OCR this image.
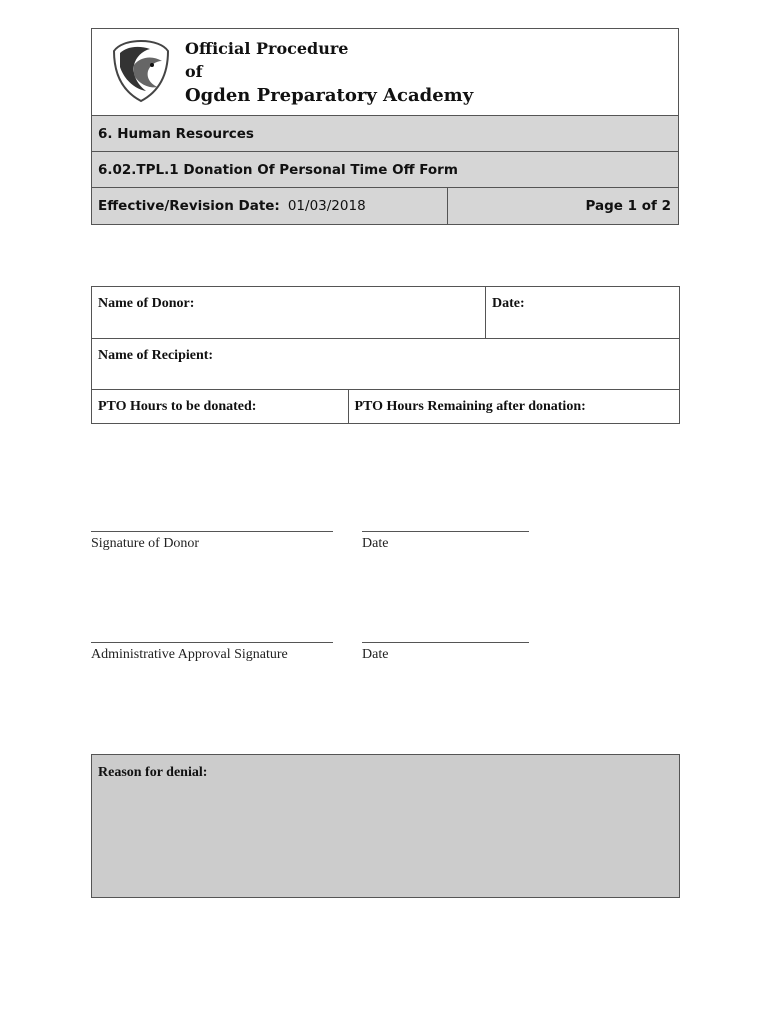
Official Procedure
of
Ogden Preparatory Academy
6. Human Resources
6.02.TPL.1 Donation Of Personal Time Off Form
Effective/Revision Date: 01/03/2018	Page 1 of 2
Name of Donor:	Date:
Name of Recipient:

PTO Hours to be donated:	PTO Hours Remaining after donation:
Signature of Donor	Date
Administrative Approval Signature	Date
Reason for denial:
